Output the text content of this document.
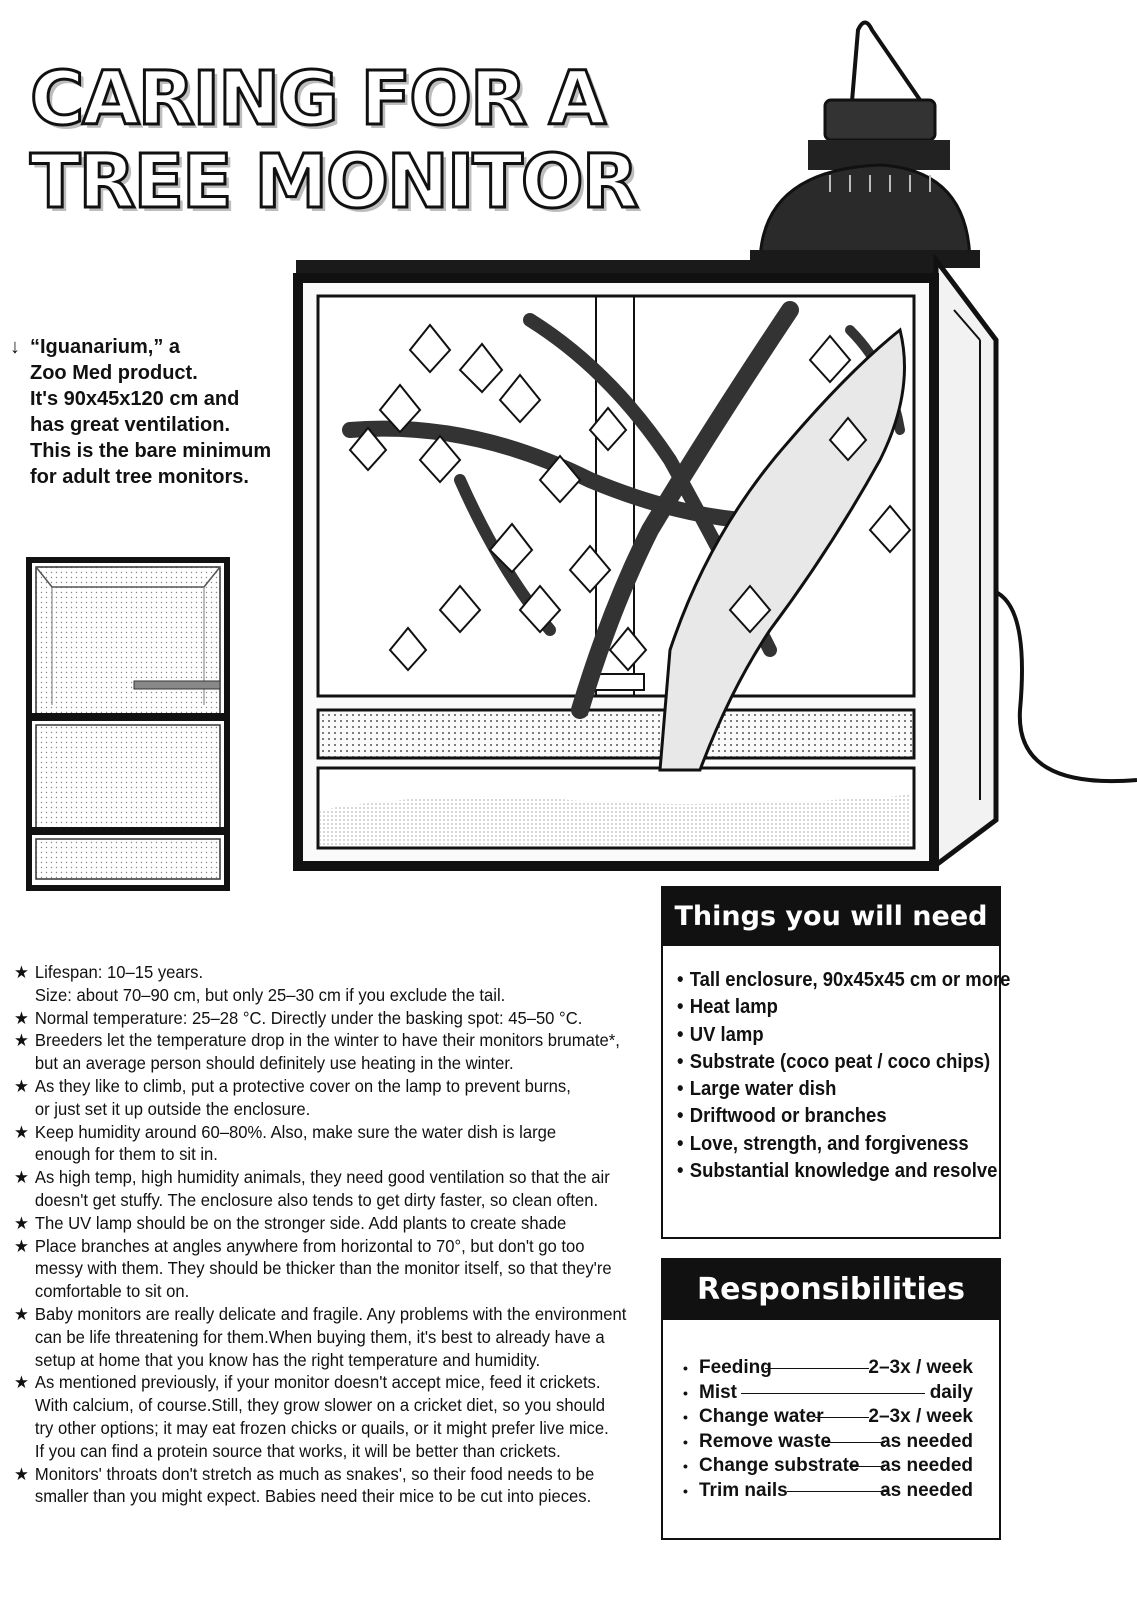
CARING FOR A
TREE MONITOR
↓ “Iguanarium,” a
Zoo Med product.
It's 90x45x120 cm and
has great ventilation.
This is the bare minimum
for adult tree monitors.
★ Lifespan: 10–15 years.
Size: about 70–90 cm, but only 25–30 cm if you exclude the tail.
★ Normal temperature: 25–28 °C. Directly under the basking spot: 45–50 °C.
★ Breeders let the temperature drop in the winter to have their monitors brumate*,
but an average person should definitely use heating in the winter.
★ As they like to climb, put a protective cover on the lamp to prevent burns,
or just set it up outside the enclosure.
★ Keep humidity around 60–80%. Also, make sure the water dish is large
enough for them to sit in.
★ As high temp, high humidity animals, they need good ventilation so that the air
doesn't get stuffy. The enclosure also tends to get dirty faster, so clean often.
★ The UV lamp should be on the stronger side. Add plants to create shade
★ Place branches at angles anywhere from horizontal to 70°, but don't go too
messy with them. They should be thicker than the monitor itself, so that they're
comfortable to sit on.
★ Baby monitors are really delicate and fragile. Any problems with the environment
can be life threatening for them.When buying them, it's best to already have a
setup at home that you know has the right temperature and humidity.
★ As mentioned previously, if your monitor doesn't accept mice, feed it crickets.
With calcium, of course.Still, they grow slower on a cricket diet, so you should
try other options; it may eat frozen chicks or quails, or it might prefer live mice.
If you can find a protein source that works, it will be better than crickets.
★ Monitors' throats don't stretch as much as snakes', so their food needs to be
smaller than you might expect. Babies need their mice to be cut into pieces.
Things you will need
• Tall enclosure, 90x45x45 cm or more
• Heat lamp
• UV lamp
• Substrate (coco peat / coco chips)
• Large water dish
• Driftwood or branches
• Love, strength, and forgiveness
• Substantial knowledge and resolve
Responsibilities
• Feeding	2–3x / week
• Mist	daily
• Change water 2–3x / week
• Remove waste	as needed
• Change substrate as needed
• Trim nails	as needed
